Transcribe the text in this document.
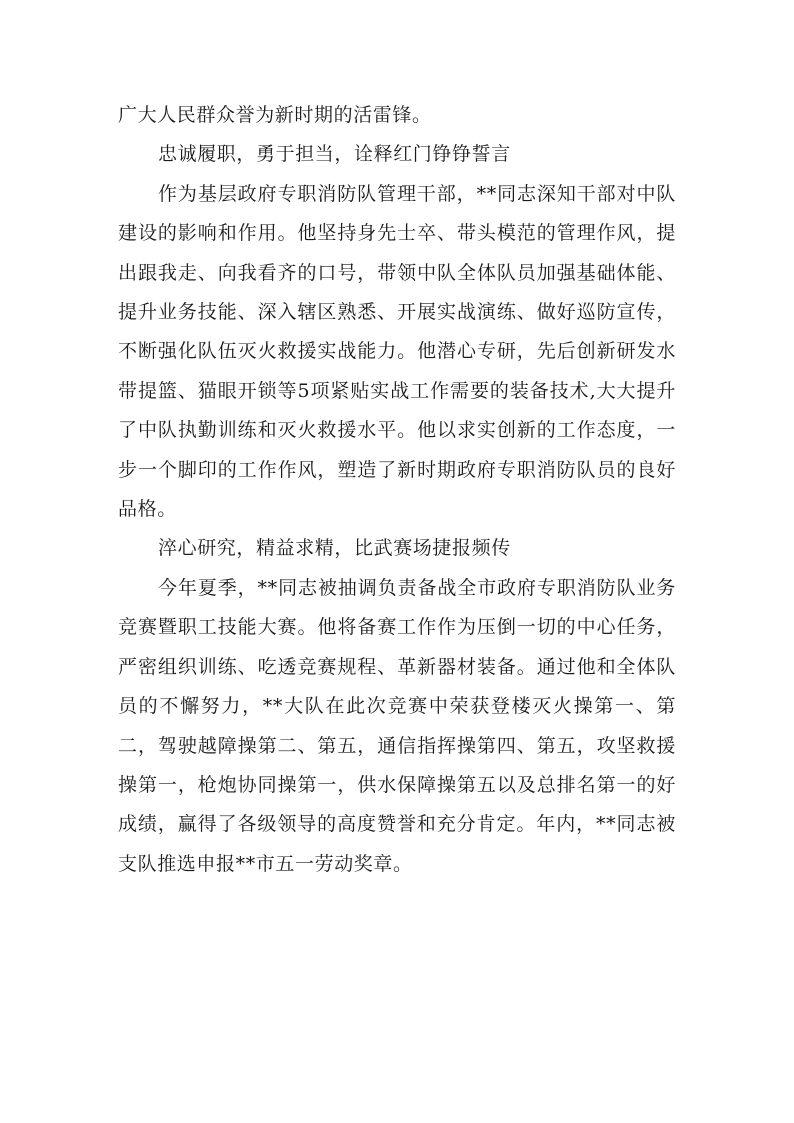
广大人民群众誉为新时期的活雷锋。

忠诚履职，勇于担当，诠释红门铮铮誓言

作为基层政府专职消防队管理干部，**同志深知干部对中队建设的影响和作用。他坚持身先士卒、带头模范的管理作风，提出跟我走、向我看齐的口号，带领中队全体队员加强基础体能、提升业务技能、深入辖区熟悉、开展实战演练、做好巡防宣传，不断强化队伍灭火救援实战能力。他潜心专研，先后创新研发水带提篮、猫眼开锁等5项紧贴实战工作需要的装备技术,大大提升了中队执勤训练和灭火救援水平。他以求实创新的工作态度，一步一个脚印的工作作风，塑造了新时期政府专职消防队员的良好品格。

淬心研究，精益求精，比武赛场捷报频传

今年夏季，**同志被抽调负责备战全市政府专职消防队业务竞赛暨职工技能大赛。他将备赛工作作为压倒一切的中心任务，严密组织训练、吃透竞赛规程、革新器材装备。通过他和全体队员的不懈努力，**大队在此次竞赛中荣获登楼灭火操第一、第二，驾驶越障操第二、第五，通信指挥操第四、第五，攻坚救援操第一，枪炮协同操第一，供水保障操第五以及总排名第一的好成绩，赢得了各级领导的高度赞誉和充分肯定。年内，**同志被支队推选申报**市五一劳动奖章。
